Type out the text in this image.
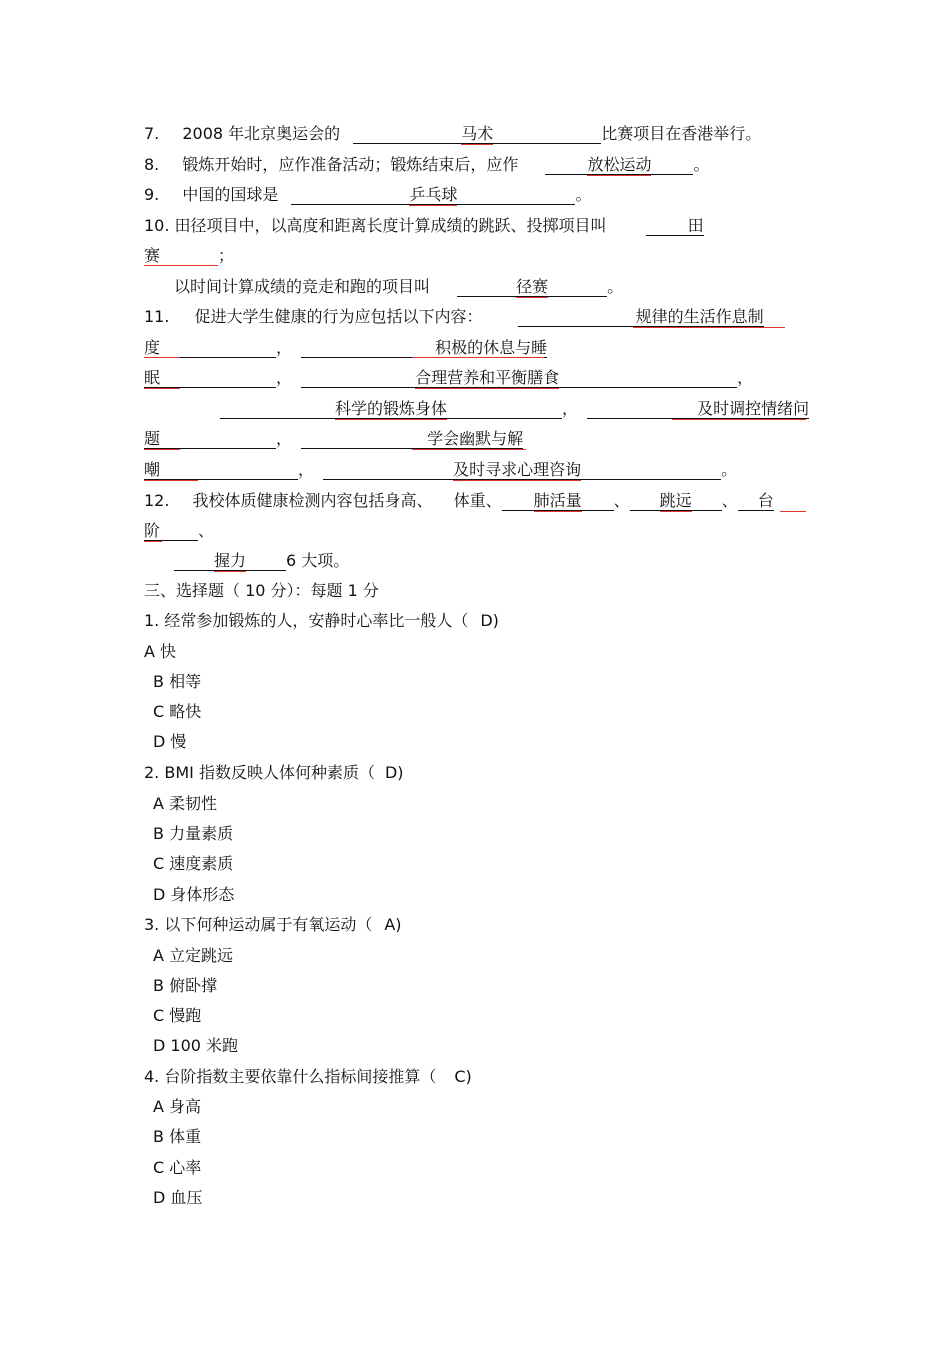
7. 2008 年北京奥运会的	马术	比赛项目在香港举行。
8. 锻炼开始时，应作准备活动；锻炼结束后，应作	放松运动	。
9. 中国的国球是	乒乓球	。
10. 田径项目中，以高度和距离长度计算成绩的跳跃、投掷项目叫	田
赛	；
以时间计算成绩的竞走和跑的项目叫	径赛	。
11. 促进大学生健康的行为应包括以下内容：	规律的生活作息制
度	，	积极的休息与睡
眠	，	合理营养和平衡膳食	，
科学的锻炼身体	，	及时调控情绪问
题	，	学会幽默与解
嘲	，	及时寻求心理咨询	。
12. 我校体质健康检测内容包括身高、 体重、 肺活量 、 跳远 、 台
阶 、
握力	6 大项。
三、选择题（ 10 分）：每题 1 分
1. 经常参加锻炼的人，安静时心率比一般人（ D)
A 快
B 相等
C 略快
D 慢
2. BMI 指数反映人体何种素质（ D)
A 柔韧性
B 力量素质
C 速度素质
D 身体形态
3. 以下何种运动属于有氧运动（ A)
A 立定跳远
B 俯卧撑
C 慢跑
D 100 米跑
4. 台阶指数主要依靠什么指标间接推算（ C)
A 身高
B 体重
C 心率
D 血压
